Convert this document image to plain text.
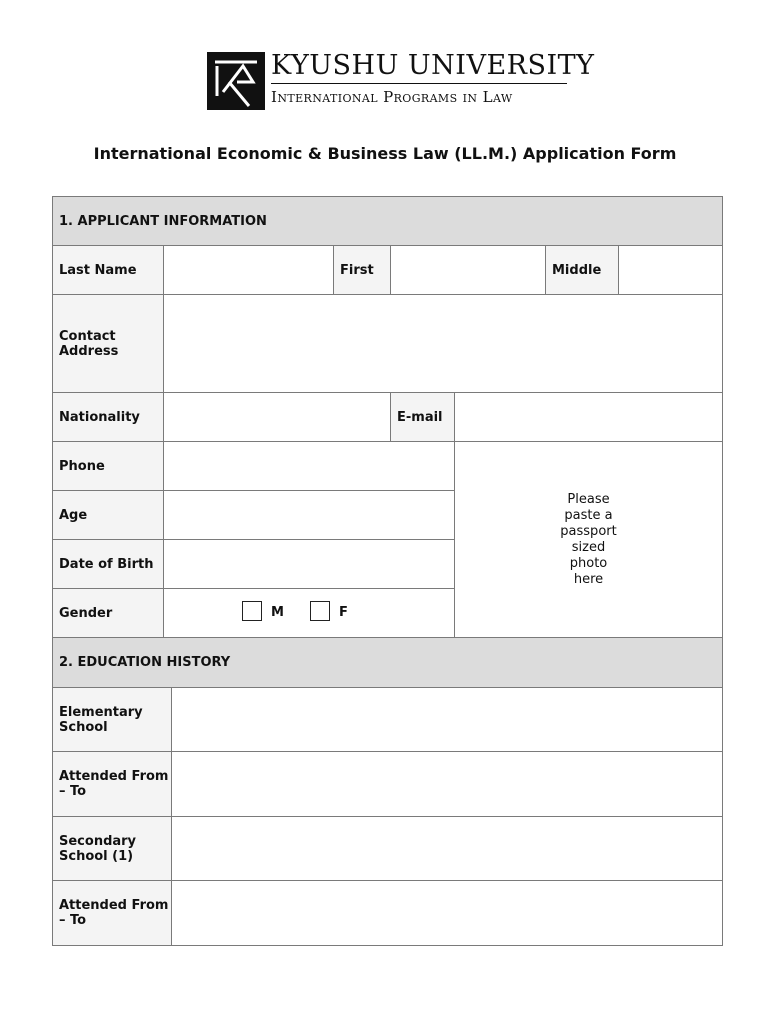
KYUSHU UNIVERSITY
International Programs in Law
International Economic & Business Law (LL.M.) Application Form
1. APPLICANT INFORMATION							
Last Name			First			Middle	
Contact Address							
Nationality				E-mail			
Phone					Please paste a passport sized photo here		
Age							
Date of Birth							
Gender	M F						

2. EDUCATION HISTORY							
Elementary School							
Attended From – To							
Secondary School (1)							
Attended From – To							
